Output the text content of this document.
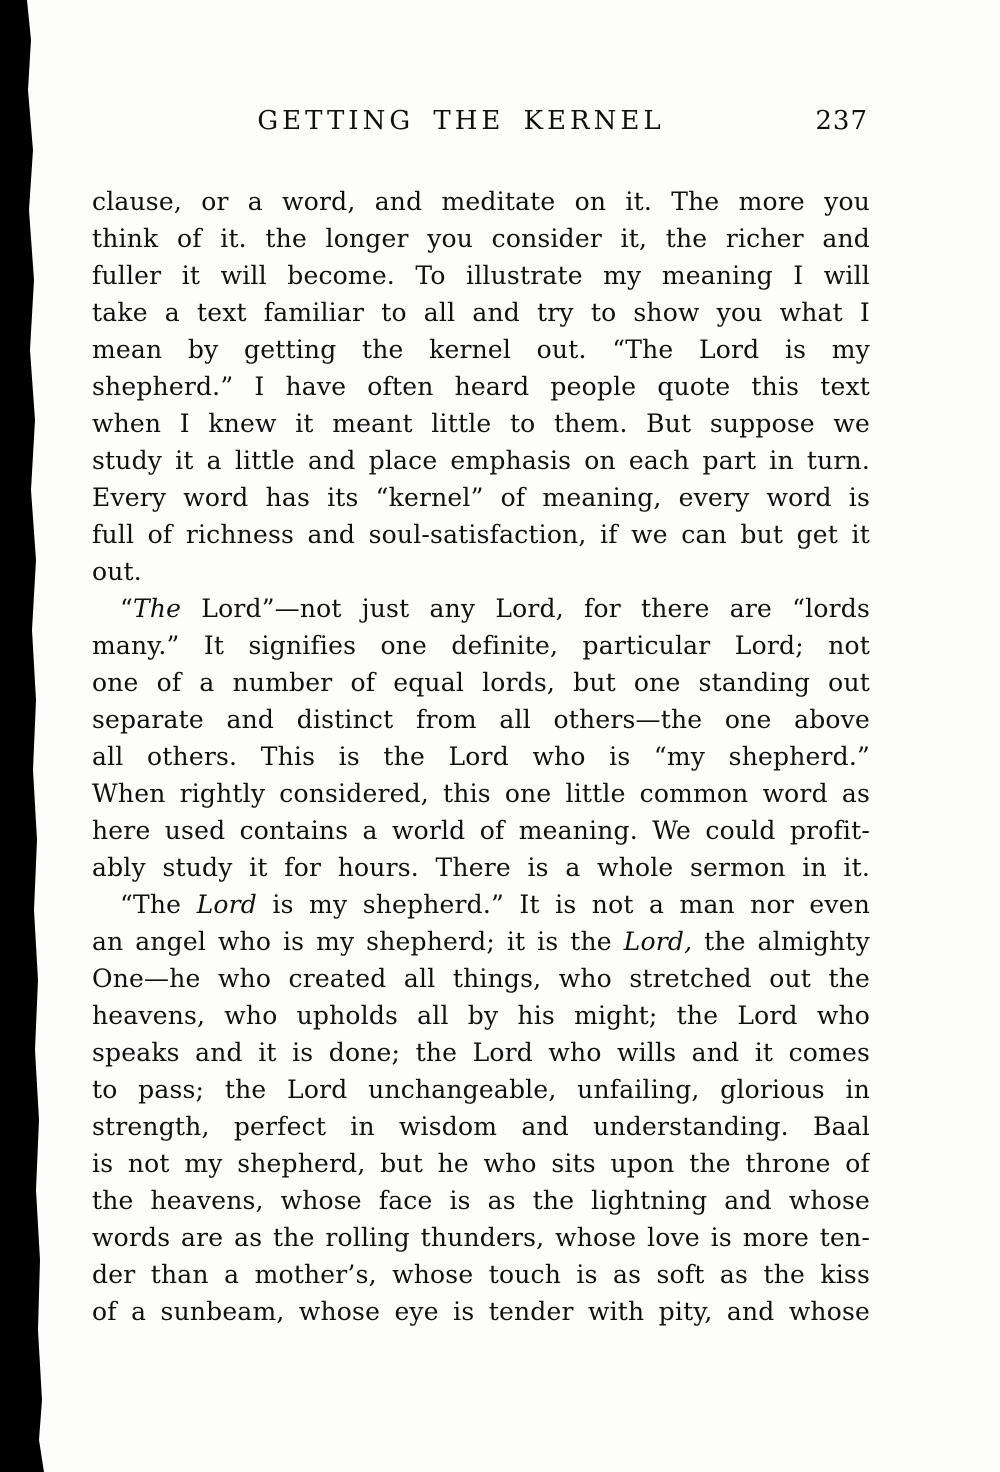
GETTING THE KERNEL	237
clause, or a word, and meditate on it. The more you
think of it. the longer you consider it, the richer and
fuller it will become. To illustrate my meaning I will
take a text familiar to all and try to show you what I
mean by getting the kernel out. “The Lord is my
shepherd.” I have often heard people quote this text
when I knew it meant little to them. But suppose we
study it a little and place emphasis on each part in turn.
Every word has its “kernel” of meaning, every word is
full of richness and soul-satisfaction, if we can but get it
out.
“The Lord”—not just any Lord, for there are “lords
many.” It signifies one definite, particular Lord; not
one of a number of equal lords, but one standing out
separate and distinct from all others—the one above
all others. This is the Lord who is “my shepherd.”
When rightly considered, this one little common word as
here used contains a world of meaning. We could profit-
ably study it for hours. There is a whole sermon in it.
“The Lord is my shepherd.” It is not a man nor even
an angel who is my shepherd; it is the Lord, the almighty
One—he who created all things, who stretched out the
heavens, who upholds all by his might; the Lord who
speaks and it is done; the Lord who wills and it comes
to pass; the Lord unchangeable, unfailing, glorious in
strength, perfect in wisdom and understanding. Baal
is not my shepherd, but he who sits upon the throne of
the heavens, whose face is as the lightning and whose
words are as the rolling thunders, whose love is more ten-
der than a mother’s, whose touch is as soft as the kiss
of a sunbeam, whose eye is tender with pity, and whose
